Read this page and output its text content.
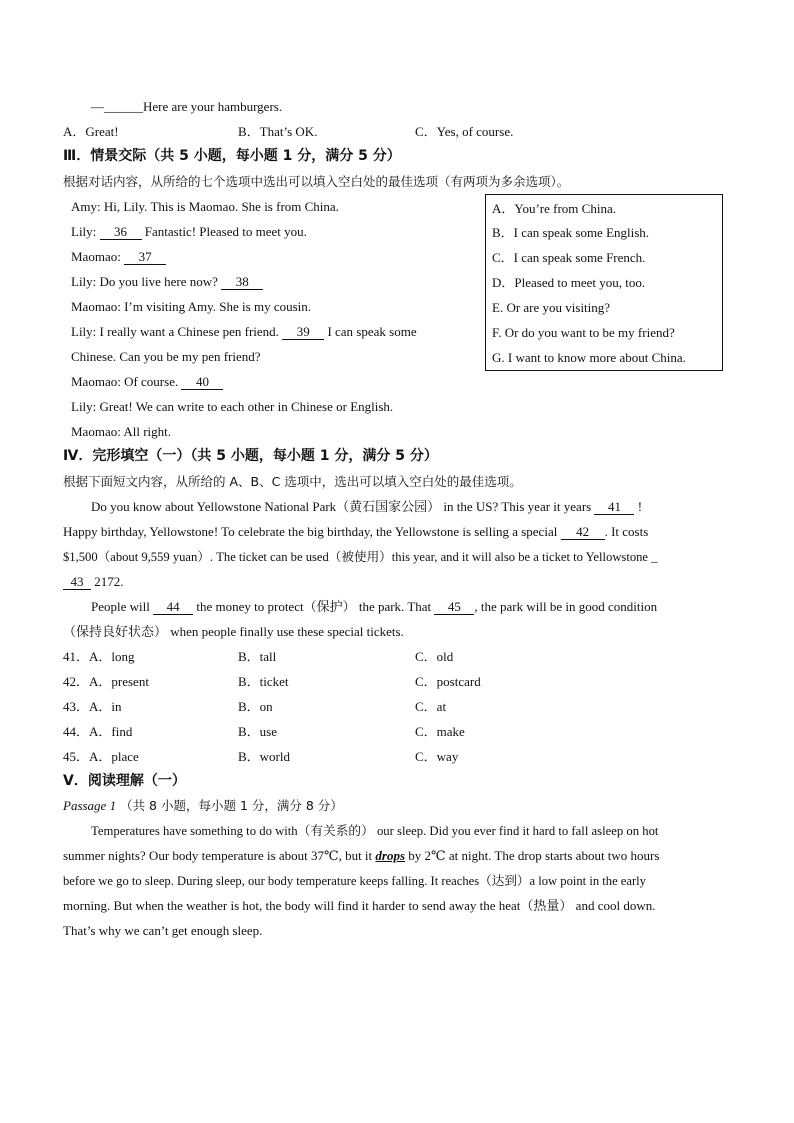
—______Here are your hamburgers.
A．Great!	B．That’s OK.	C．Yes, of course.
Ⅲ．情景交际（共 5 小题，每小题 1 分，满分 5 分）
根据对话内容，从所给的七个选项中选出可以填入空白处的最佳选项（有两项为多余选项）。
Amy: Hi, Lily. This is Maomao. She is from China.
Lily: 36 Fantastic! Pleased to meet you.
Maomao: 37
Lily: Do you live here now? 38
Maomao: I’m visiting Amy. She is my cousin.
Lily: I really want a Chinese pen friend. 39 I can speak some
Chinese. Can you be my pen friend?
Maomao: Of course. 40
Lily: Great! We can write to each other in Chinese or English.
Maomao: All right.
A．You’re from China.
B．I can speak some English.
C．I can speak some French.
D．Pleased to meet you, too.
E. Or are you visiting?
F. Or do you want to be my friend?
G. I want to know more about China.
Ⅳ．完形填空（一）（共 5 小题，每小题 1 分，满分 5 分）
根据下面短文内容，从所给的 A、B、C 选项中，选出可以填入空白处的最佳选项。
Do you know about Yellowstone National Park（黄石国家公园） in the US? This year it years 41 !
Happy birthday, Yellowstone! To celebrate the big birthday, the Yellowstone is selling a special 42 . It costs
$1,500（about 9,559 yuan）. The ticket can be used（被使用）this year, and it will also be a ticket to Yellowstone _
43 2172.
People will 44 the money to protect（保护） the park. That 45 , the park will be in good condition
（保持良好状态） when people finally use these special tickets.
41．A．long	B．tall	C．old
42．A．present	B．ticket	C．postcard
43．A．in	B．on	C．at
44．A．find	B．use	C．make
45．A．place	B．world	C．way
Ⅴ．阅读理解（一）
Passage 1 （共 8 小题，每小题 1 分，满分 8 分）
Temperatures have something to do with（有关系的） our sleep. Did you ever find it hard to fall asleep on hot
summer nights? Our body temperature is about 37℃, but it drops by 2℃ at night. The drop starts about two hours
before we go to sleep. During sleep, our body temperature keeps falling. It reaches（达到）a low point in the early
morning. But when the weather is hot, the body will find it harder to send away the heat（热量） and cool down.
That’s why we can’t get enough sleep.
